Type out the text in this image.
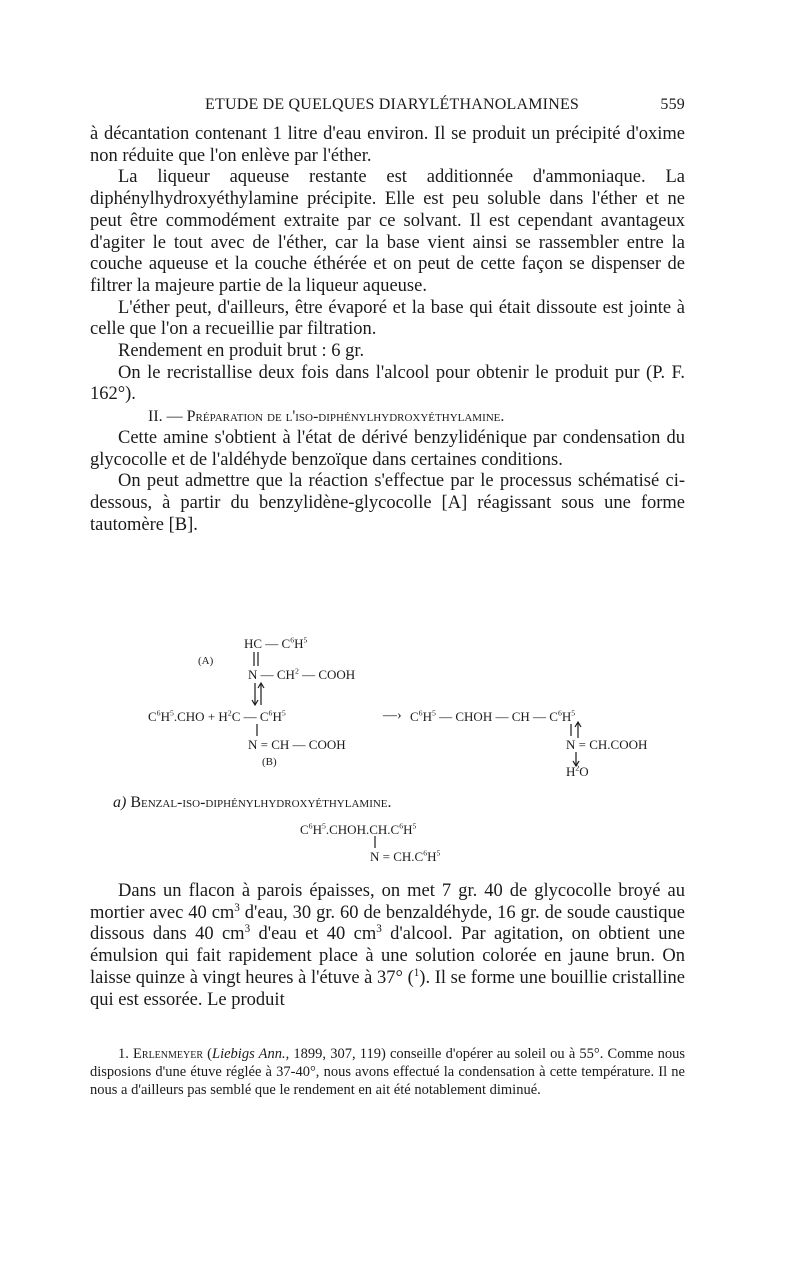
ETUDE DE QUELQUES DIARYLÉTHANOLAMINES	559

à décantation contenant 1 litre d'eau environ. Il se produit un précipité d'oxime non réduite que l'on enlève par l'éther.

La liqueur aqueuse restante est additionnée d'ammoniaque. La diphénylhydroxyéthylamine précipite. Elle est peu soluble dans l'éther et ne peut être commodément extraite par ce solvant. Il est cependant avantageux d'agiter le tout avec de l'éther, car la base vient ainsi se rassembler entre la couche aqueuse et la couche éthérée et on peut de cette façon se dispenser de filtrer la majeure partie de la liqueur aqueuse.

L'éther peut, d'ailleurs, être évaporé et la base qui était dissoute est jointe à celle que l'on a recueillie par filtration.

Rendement en produit brut : 6 gr.

On le recristallise deux fois dans l'alcool pour obtenir le produit pur (P. F. 162°).

II. — Préparation de l'iso-diphénylhydroxyéthylamine.

Cette amine s'obtient à l'état de dérivé benzylidénique par condensation du glycocolle et de l'aldéhyde benzoïque dans certaines conditions.

On peut admettre que la réaction s'effectue par le processus schématisé ci-dessous, à partir du benzylidène-glycocolle [A] réagissant sous une forme tautomère [B].

HC — $C^6H^5$
(A)
N — $CH^2$ — COOH
$C^6H^5.CHO + H^2C$ — $C^6H^5$
N = CH — COOH
(B)
—› $C^6H^5$ — CHOH — CH — $C^6H^5$
N = CH.COOH
$H^2O$
a) Benzal-iso-diphénylhydroxyéthylamine.
$C^6H^5.CHOH.CH.C^6H^5$
$N = CH.C^6H^5$

Dans un flacon à parois épaisses, on met 7 gr. 40 de glycocolle broyé au mortier avec 40 $cm^3$ d'eau, 30 gr. 60 de benzaldéhyde, 16 gr. de soude caustique dissous dans 40 $cm^3$ d'eau et 40 $cm^3$ d'alcool. Par agitation, on obtient une émulsion qui fait rapidement place à une solution colorée en jaune brun. On laisse quinze à vingt heures à l'étuve à 37° ($^1$). Il se forme une bouillie cristalline qui est essorée. Le produit

1. Erlenmeyer (Liebigs Ann., 1899, 307, 119) conseille d'opérer au soleil ou à 55°. Comme nous disposions d'une étuve réglée à 37-40°, nous avons effectué la condensation à cette température. Il ne nous a d'ailleurs pas semblé que le rendement en ait été notablement diminué.
